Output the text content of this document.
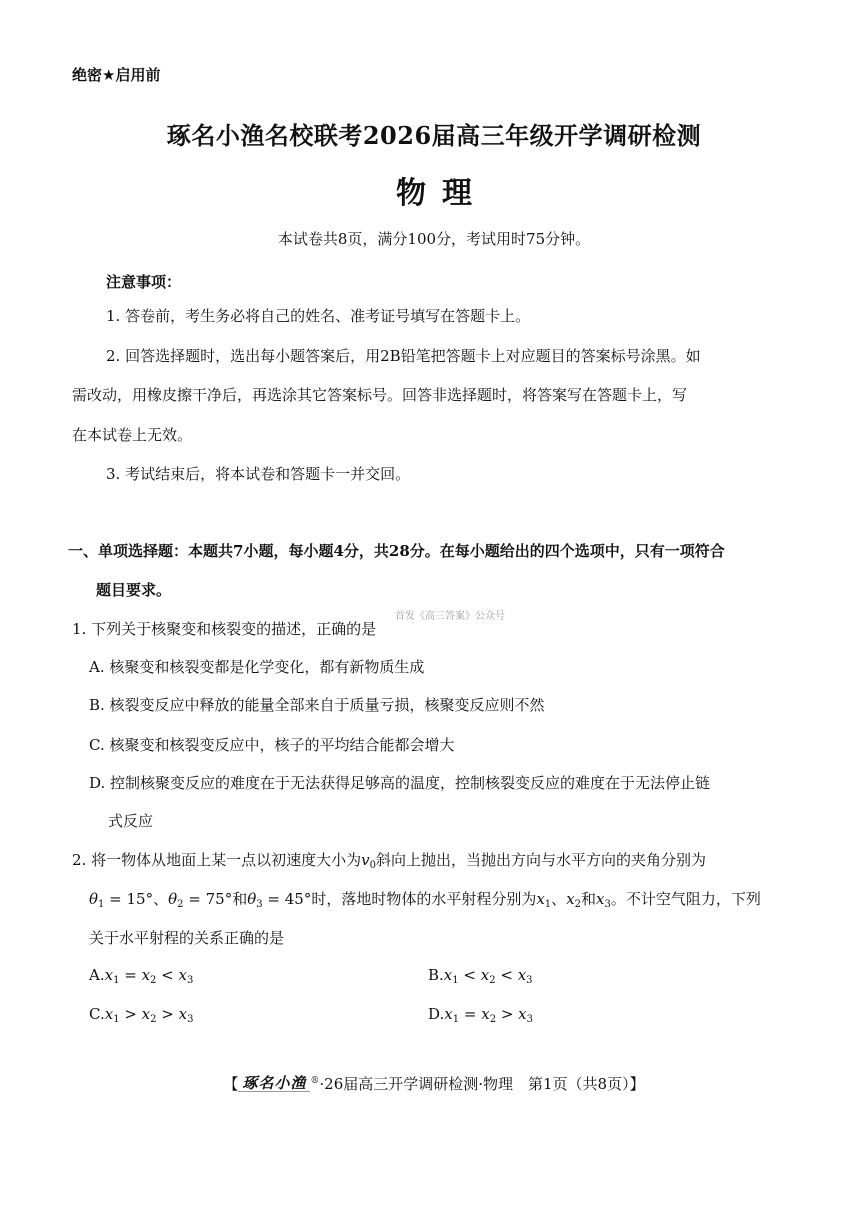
绝密★启用前
琢名小渔名校联考2026届高三年级开学调研检测
物理
本试卷共8页，满分100分，考试用时75分钟。
注意事项：
1. 答卷前，考生务必将自己的姓名、准考证号填写在答题卡上。
2. 回答选择题时，选出每小题答案后，用2B铅笔把答题卡上对应题目的答案标号涂黑。如
需改动，用橡皮擦干净后，再选涂其它答案标号。回答非选择题时，将答案写在答题卡上，写
在本试卷上无效。
3. 考试结束后，将本试卷和答题卡一并交回。
一、单项选择题：本题共7小题，每小题4分，共28分。在每小题给出的四个选项中，只有一项符合
题目要求。
首发《高三答案》公众号
1. 下列关于核聚变和核裂变的描述，正确的是
A. 核聚变和核裂变都是化学变化，都有新物质生成
B. 核裂变反应中释放的能量全部来自于质量亏损，核聚变反应则不然
C. 核聚变和核裂变反应中，核子的平均结合能都会增大
D. 控制核聚变反应的难度在于无法获得足够高的温度，控制核裂变反应的难度在于无法停止链
式反应
2. 将一物体从地面上某一点以初速度大小为$v_0$斜向上抛出，当抛出方向与水平方向的夹角分别为
$\theta_1 = 15^\circ$、$\theta_2 = 75^\circ$和$\theta_3 = 45^\circ$时，落地时物体的水平射程分别为$x_1$、$x_2$和$x_3$。不计空气阻力，下列
关于水平射程的关系正确的是
$A.x_1 = x_2 < x_3$	$B.x_1 < x_2 < x_3$
$C.x_1 > x_2 > x_3$	$D.x_1 = x_2 > x_3$
【 琢名小渔 ®·26届高三开学调研检测·物理　第1页（共8页）】
